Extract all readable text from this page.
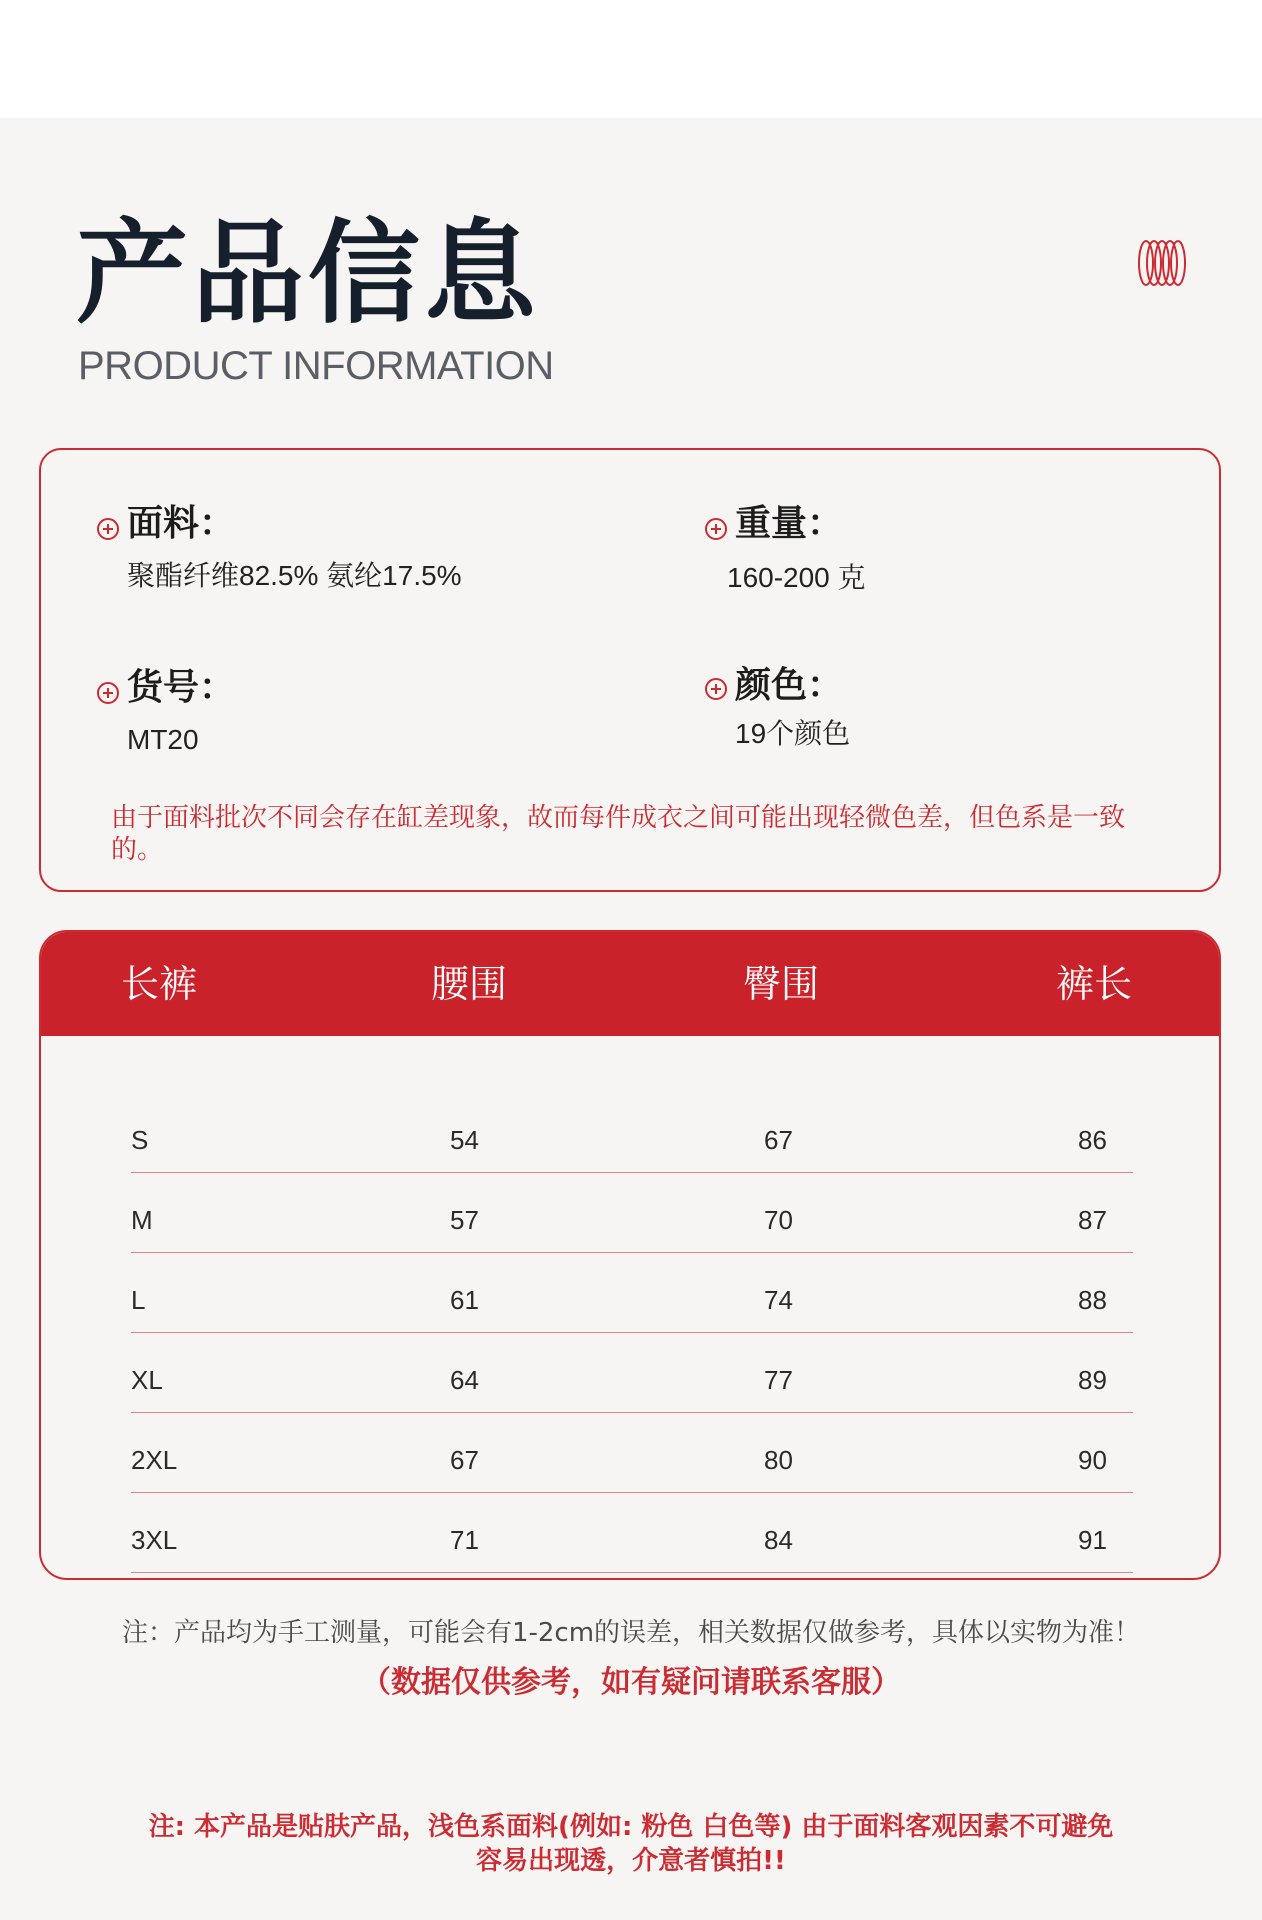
产品信息
PRODUCT INFORMATION
面料：
聚酯纤维82.5% 氨纶17.5%
重量：
160-200 克
货号：
MT20
颜色：
19个颜色
由于面料批次不同会存在缸差现象，故而每件成衣之间可能出现轻微色差，但色系是一致的。
长裤	腰围	臀围	裤长
S	54	67	86
M	57	70	87
L	61	74	88
XL	64	77	89
2XL	67	80	90
3XL	71	84	91
注：产品均为手工测量，可能会有1-2cm的误差，相关数据仅做参考，具体以实物为准！
（数据仅供参考，如有疑问请联系客服）
注: 本产品是贴肤产品，浅色系面料(例如: 粉色 白色等) 由于面料客观因素不可避免
容易出现透，介意者慎拍!!
